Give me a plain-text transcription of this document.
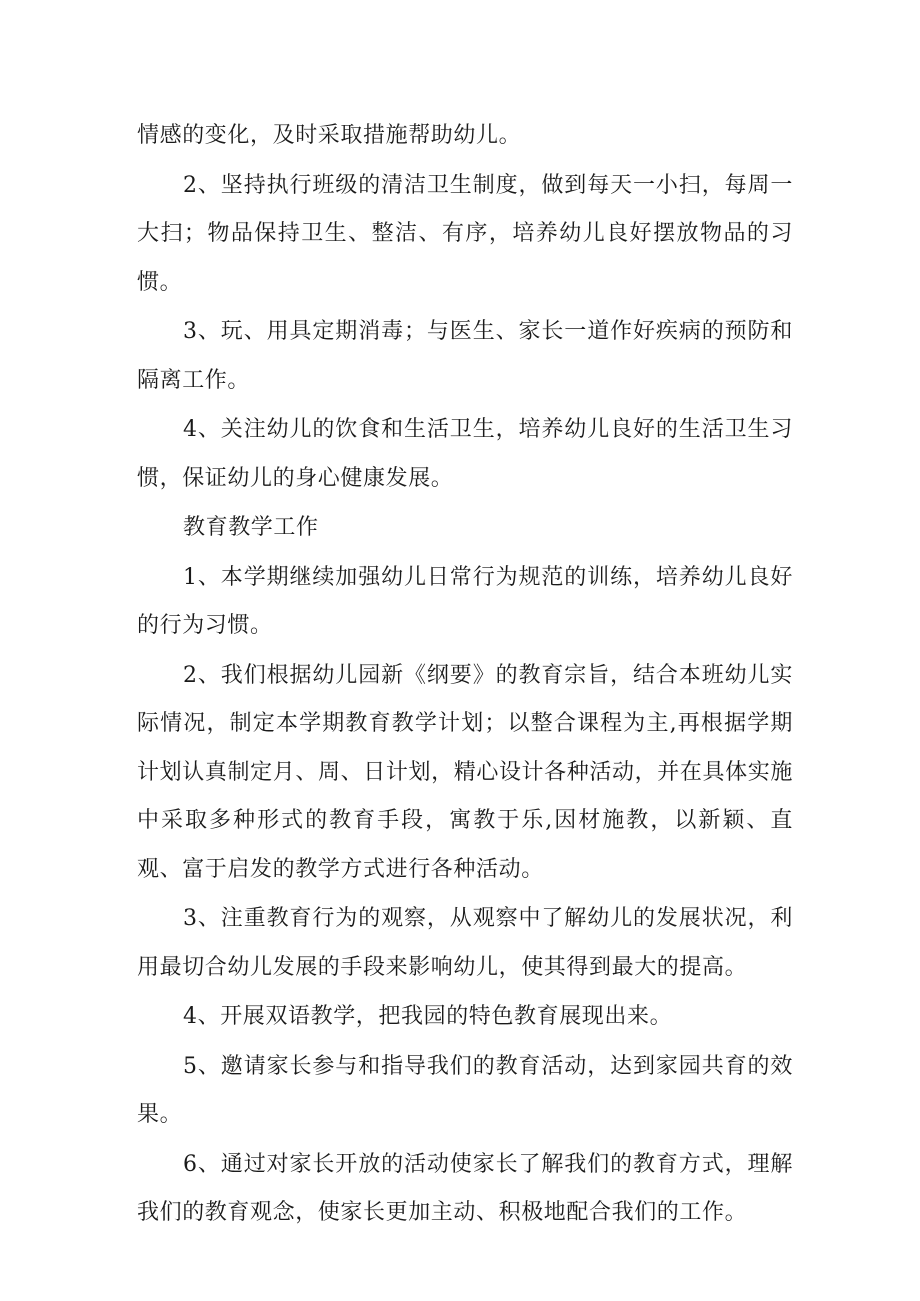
情感的变化，及时采取措施帮助幼儿。

2、坚持执行班级的清洁卫生制度，做到每天一小扫，每周一大扫；物品保持卫生、整洁、有序，培养幼儿良好摆放物品的习惯。

3、玩、用具定期消毒；与医生、家长一道作好疾病的预防和隔离工作。

4、关注幼儿的饮食和生活卫生，培养幼儿良好的生活卫生习惯，保证幼儿的身心健康发展。

教育教学工作

1、本学期继续加强幼儿日常行为规范的训练，培养幼儿良好的行为习惯。

2、我们根据幼儿园新《纲要》的教育宗旨，结合本班幼儿实际情况，制定本学期教育教学计划；以整合课程为主,再根据学期计划认真制定月、周、日计划，精心设计各种活动，并在具体实施中采取多种形式的教育手段，寓教于乐,因材施教，以新颖、直观、富于启发的教学方式进行各种活动。

3、注重教育行为的观察，从观察中了解幼儿的发展状况，利用最切合幼儿发展的手段来影响幼儿，使其得到最大的提高。

4、开展双语教学，把我园的特色教育展现出来。

5、邀请家长参与和指导我们的教育活动，达到家园共育的效果。

6、通过对家长开放的活动使家长了解我们的教育方式，理解我们的教育观念，使家长更加主动、积极地配合我们的工作。
